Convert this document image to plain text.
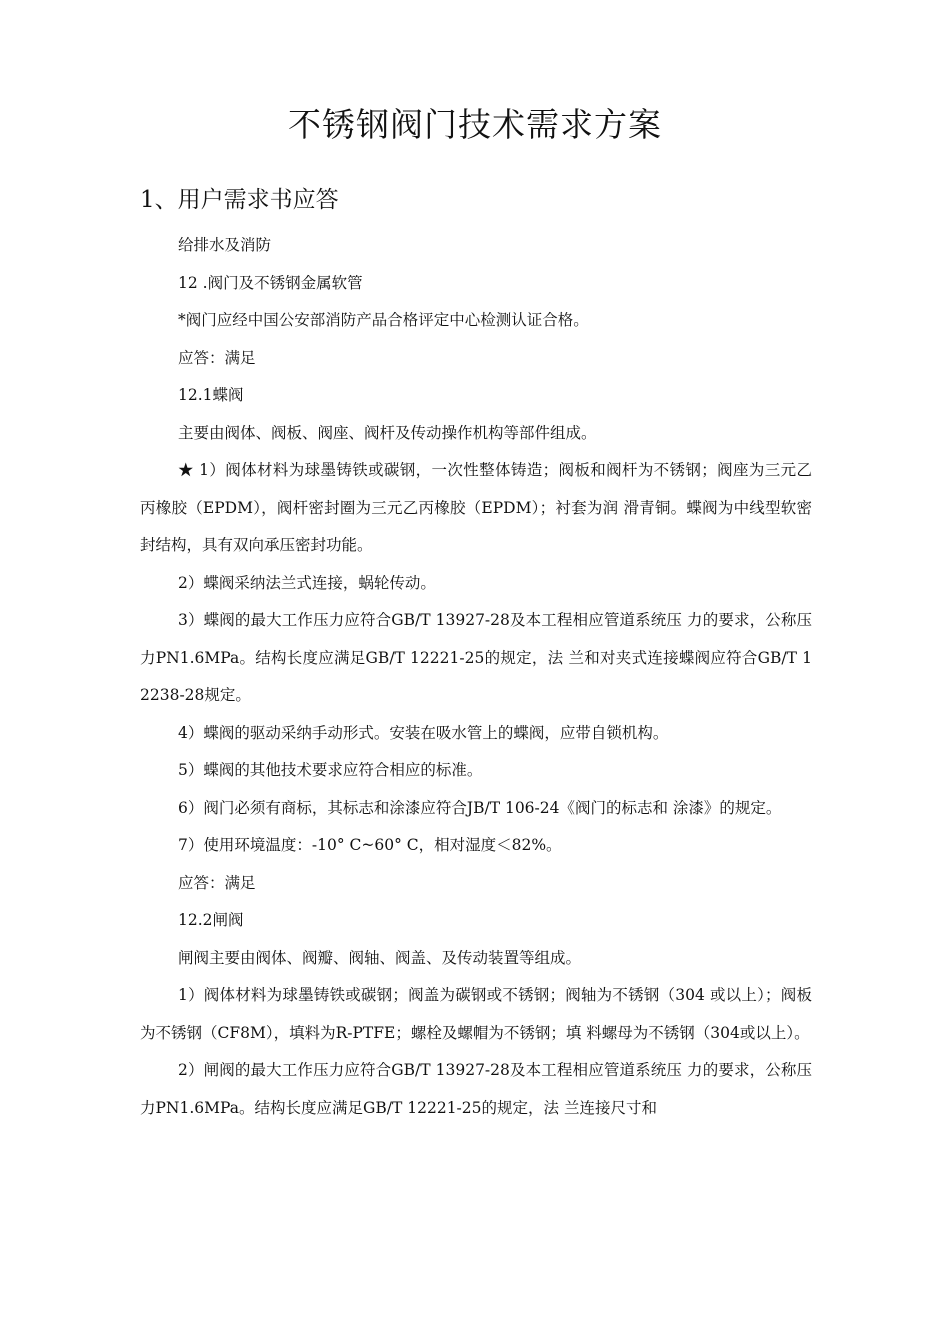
不锈钢阀门技术需求方案
1、用户需求书应答

给排水及消防

12 .阀门及不锈钢金属软管

*阀门应经中国公安部消防产品合格评定中心检测认证合格。

应答：满足

12.1蝶阀

主要由阀体、阀板、阀座、阀杆及传动操作机构等部件组成。

★ 1）阀体材料为球墨铸铁或碳钢，一次性整体铸造；阀板和阀杆为不锈钢；阀座为三元乙丙橡胶（EPDM），阀杆密封圈为三元乙丙橡胶（EPDM）；衬套为润 滑青铜。蝶阀为中线型软密封结构，具有双向承压密封功能。

2）蝶阀采纳法兰式连接，蜗轮传动。

3）蝶阀的最大工作压力应符合GB/T 13927-28及本工程相应管道系统压 力的要求，公称压力PN1.6MPa。结构长度应满足GB/T 12221-25的规定，法 兰和对夹式连接蝶阀应符合GB/T 12238-28规定。

4）蝶阀的驱动采纳手动形式。安装在吸水管上的蝶阀，应带自锁机构。

5）蝶阀的其他技术要求应符合相应的标准。

6）阀门必须有商标，其标志和涂漆应符合JB/T 106-24《阀门的标志和 涂漆》的规定。

7）使用环境温度：-10° C~60° C，相对湿度＜82%。

应答：满足

12.2闸阀

闸阀主要由阀体、阀瓣、阀轴、阀盖、及传动装置等组成。

1）阀体材料为球墨铸铁或碳钢；阀盖为碳钢或不锈钢；阀轴为不锈钢（304 或以上）；阀板为不锈钢（CF8M），填料为R-PTFE；螺栓及螺帽为不锈钢；填 料螺母为不锈钢（304或以上）。

2）闸阀的最大工作压力应符合GB/T 13927-28及本工程相应管道系统压 力的要求，公称压力PN1.6MPa。结构长度应满足GB/T 12221-25的规定，法 兰连接尺寸和
